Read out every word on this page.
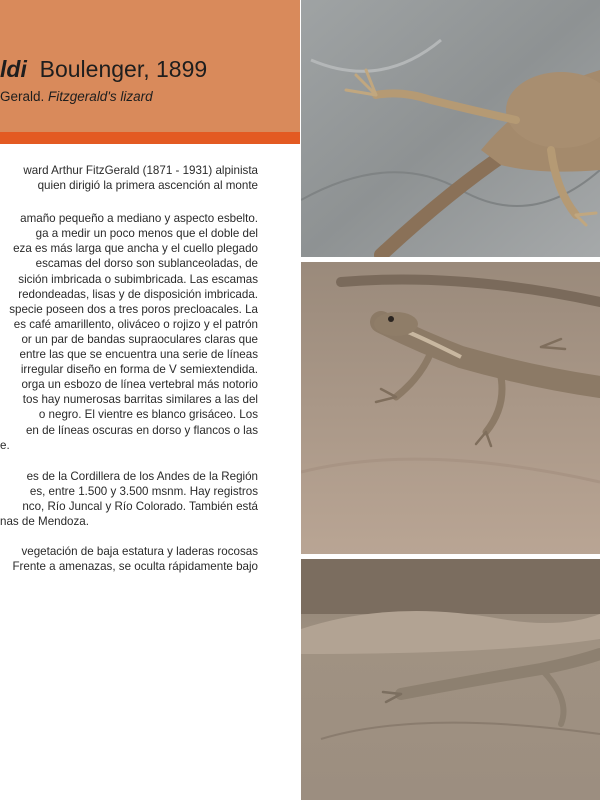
ldi Boulenger, 1899
Gerald. Fitzgerald's lizard

ward Arthur FitzGerald (1871 - 1931) alpinista
quien dirigió la primera ascención al monte

amaño pequeño a mediano y aspecto esbelto.
ga a medir un poco menos que el doble del
eza es más larga que ancha y el cuello plegado
escamas del dorso son sublanceoladas, de
sición imbricada o subimbricada. Las escamas
redondeadas, lisas y de disposición imbricada.
specie poseen dos a tres poros precloacales. La
es café amarillento, oliváceo o rojizo y el patrón
or un par de bandas supraoculares claras que
entre las que se encuentra una serie de líneas
irregular diseño en forma de V semiextendida.
orga un esbozo de línea vertebral más notorio
tos hay numerosas barritas similares a las del
o negro. El vientre es blanco grisáceo. Los
en de líneas oscuras en dorso y flancos o las
e.

es de la Cordillera de los Andes de la Región
es, entre 1.500 y 3.500 msnm. Hay registros
nco, Río Juncal y Río Colorado. También está
nas de Mendoza.

vegetación de baja estatura y laderas rocosas
Frente a amenazas, se oculta rápidamente bajo
